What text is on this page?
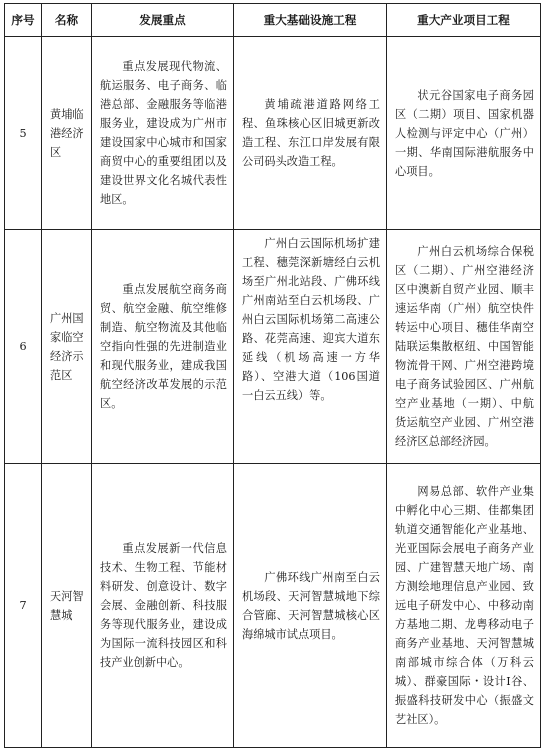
序号	名称	发展重点	重大基础设施工程	重大产业项目工程
5	黄埔临港经济区	重点发展现代物流、航运服务、电子商务、临港总部、金融服务等临港服务业，建设成为广州市建设国家中心城市和国家商贸中心的重要组团以及建设世界文化名城代表性地区。	黄埔疏港道路网络工程、鱼珠核心区旧城更新改造工程、东江口岸发展有限公司码头改造工程。	状元谷国家电子商务园区（二期）项目、国家机器人检测与评定中心（广州）一期、华南国际港航服务中心项目。
6	广州国家临空经济示范区	重点发展航空商务商贸、航空金融、航空维修制造、航空物流及其他临空指向性强的先进制造业和现代服务业，建成我国航空经济改革发展的示范区。	广州白云国际机场扩建工程、穗莞深新塘经白云机场至广州北站段、广佛环线广州南站至白云机场段、广州白云国际机场第二高速公路、花莞高速、迎宾大道东延线（机场高速一方华路）、空港大道（106国道一白云五线）等。	广州白云机场综合保税区（二期）、广州空港经济区中澳新自贸产业园、顺丰速运华南（广州）航空快件转运中心项目、穗佳华南空陆联运集散枢纽、中国智能物流骨干网、广州空港跨境电子商务试验园区、广州航空产业基地（一期）、中航货运航空产业园、广州空港经济区总部经济园。
7	天河智慧城	重点发展新一代信息技术、生物工程、节能材料研发、创意设计、数字会展、金融创新、科技服务等现代服务业，建设成为国际一流科技园区和科技产业创新中心。	广佛环线广州南至白云机场段、天河智慧城地下综合管廊、天河智慧城核心区海绵城市试点项目。	网易总部、软件产业集中孵化中心三期、佳都集团轨道交通智能化产业基地、光亚国际会展电子商务产业园、广建智慧天地广场、南方测绘地理信息产业园、致远电子研发中心、中移动南方基地二期、龙粤移动电子商务产业基地、天河智慧城南部城市综合体（万科云城）、群豪国际・设计Ⅰ谷、振盛科技研发中心（振盛文艺社区）。
